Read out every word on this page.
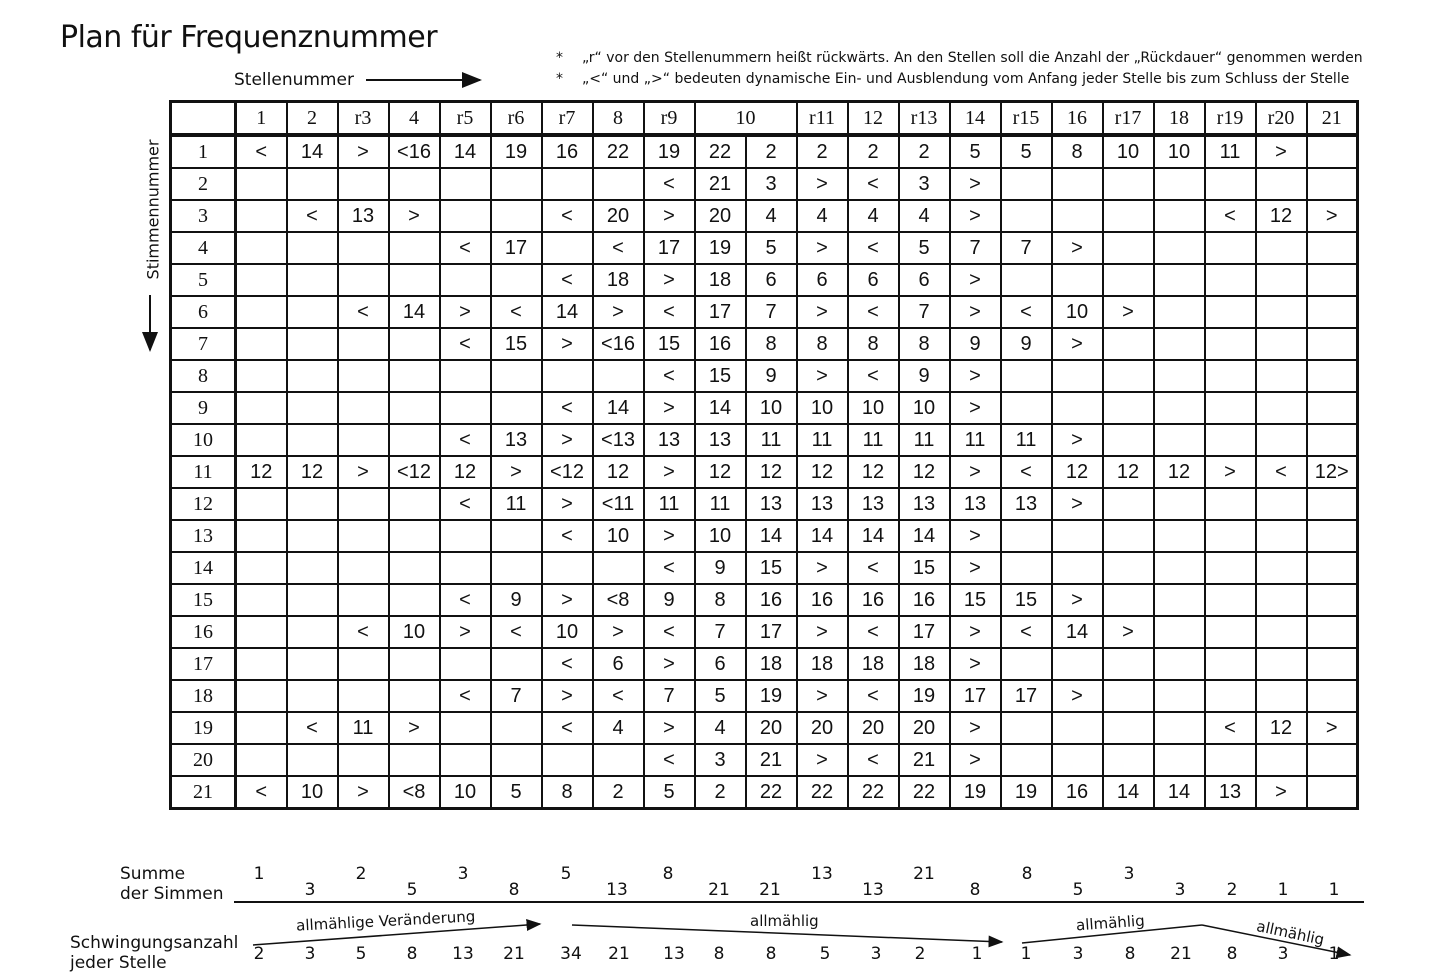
Plan für Frequenznummer
* „r“ vor den Stellenummern heißt rückwärts. An den Stellen soll die Anzahl der „Rückdauer“ genommen werden
* „<“ und „>“ bedeuten dynamische Ein- und Ausblendung vom Anfang jeder Stelle bis zum Schluss der Stelle
Stellenummer
Stimmennummer
	1	2	r3	4	r5	r6	r7	8	r9	10		r11	12	r13	14	r15	16	r17	18	r19	r20	21
1	<	14	>	<16	14	19	16	22	19	22	2	2	2	2	5	5	8	10	10	11	>	
2									<	21	3	>	<	3	>							
3		<	13	>			<	20	>	20	4	4	4	4	>					<	12	>
4					<	17		<	17	19	5	>	<	5	7	7	>					
5							<	18	>	18	6	6	6	6	>							
6			<	14	>	<	14	>	<	17	7	>	<	7	>	<	10	>				
7					<	15	>	<16	15	16	8	8	8	8	9	9	>					
8									<	15	9	>	<	9	>							
9							<	14	>	14	10	10	10	10	>							
10					<	13	>	<13	13	13	11	11	11	11	11	11	>					
11	12	12	>	<12	12	>	<12	12	>	12	12	12	12	12	>	<	12	12	12	>	<	12>
12					<	11	>	<11	11	11	13	13	13	13	13	13	>					
13							<	10	>	10	14	14	14	14	>							
14									<	9	15	>	<	15	>							
15					<	9	>	<8	9	8	16	16	16	16	15	15	>					
16			<	10	>	<	10	>	<	7	17	>	<	17	>	<	14	>				
17							<	6	>	6	18	18	18	18	>							
18					<	7	>	<	7	5	19	>	<	19	17	17	>					
19		<	11	>			<	4	>	4	20	20	20	20	>					<	12	>
20									<	3	21	>	<	21	>							
21	<	10	>	<8	10	5	8	2	5	2	22	22	22	22	19	19	16	14	14	13	>	
Summe
der Simmen
1
3
2
5
3
8
5
13
8
21	21
13
13
21
8
8
5
3
3	2	1	1
Schwingungsanzahl
jeder Stelle	2	3	5	8	13	21	34	21	13	8	8	5	3	2	1	1	3	8	21	8	3	1
allmählige Veränderung	allmählig	allmählig	allmählig
